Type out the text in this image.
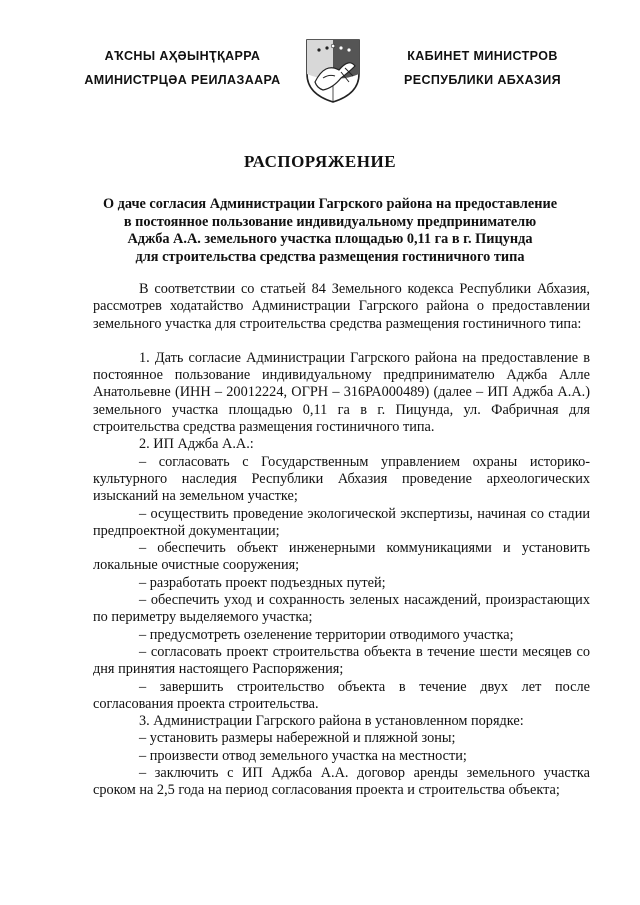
АҠСНЫ АҲӘЫНҬҚАРРА
АМИНИСТРЦӘА РЕИЛАЗААРА
КАБИНЕТ МИНИСТРОВ
РЕСПУБЛИКИ АБХАЗИЯ
РАСПОРЯЖЕНИЕ
О даче согласия Администрации Гагрского района на предоставление
в постоянное пользование индивидуальному предпринимателю
Аджба А.А. земельного участка площадью 0,11 га в г. Пицунда
для строительства средства размещения гостиничного типа

В соответствии со статьей 84 Земельного кодекса Республики Абхазия, рассмотрев ходатайство Администрации Гагрского района о предоставлении земельного участка для строительства средства размещения гостиничного типа:

1. Дать согласие Администрации Гагрского района на предоставление в постоянное пользование индивидуальному предпринимателю Аджба Алле Анатольевне (ИНН – 20012224, ОГРН – 316РА000489) (далее – ИП Аджба А.А.) земельного участка площадью 0,11 га в г. Пицунда, ул. Фабричная для строительства средства размещения гостиничного типа.

2. ИП Аджба А.А.:

– согласовать с Государственным управлением охраны историко-культурного наследия Республики Абхазия проведение археологических изысканий на земельном участке;

– осуществить проведение экологической экспертизы, начиная со стадии предпроектной документации;

– обеспечить объект инженерными коммуникациями и установить локальные очистные сооружения;

– разработать проект подъездных путей;

– обеспечить уход и сохранность зеленых насаждений, произрастающих по периметру выделяемого участка;

– предусмотреть озеленение территории отводимого участка;

– согласовать проект строительства объекта в течение шести месяцев со дня принятия настоящего Распоряжения;

– завершить строительство объекта в течение двух лет после согласования проекта строительства.

3. Администрации Гагрского района в установленном порядке:

– установить размеры набережной и пляжной зоны;

– произвести отвод земельного участка на местности;

– заключить с ИП Аджба А.А. договор аренды земельного участка сроком на 2,5 года на период согласования проекта и строительства объекта;
